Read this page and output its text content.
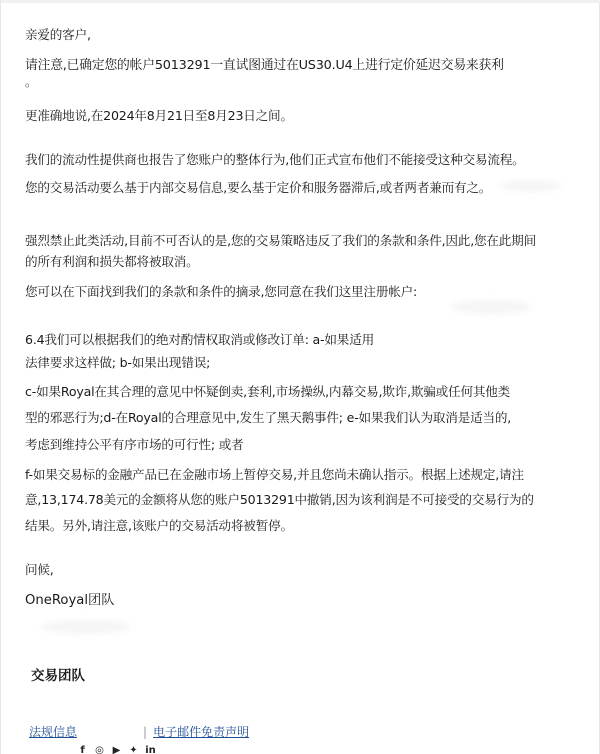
亲爱的客户,
请注意,已确定您的帐户5013291一直试图通过在US30.U4上进行定价延迟交易来获利
。
更准确地说,在2024年8月21日至8月23日之间。
我们的流动性提供商也报告了您账户的整体行为,他们正式宣布他们不能接受这种交易流程。
您的交易活动要么基于内部交易信息,要么基于定价和服务器滞后,或者两者兼而有之。
强烈禁止此类活动,目前不可否认的是,您的交易策略违反了我们的条款和条件,因此,您在此期间
的所有利润和损失都将被取消。
您可以在下面找到我们的条款和条件的摘录,您同意在我们这里注册帐户:
6.4我们可以根据我们的绝对酌情权取消或修改订单: a-如果适用
法律要求这样做; b-如果出现错误;
c-如果Royal在其合理的意见中怀疑倒卖,套利,市场操纵,内幕交易,欺诈,欺骗或任何其他类
型的邪恶行为;d-在Royal的合理意见中,发生了黑天鹅事件; e-如果我们认为取消是适当的,
考虑到维持公平有序市场的可行性; 或者
f-如果交易标的金融产品已在金融市场上暂停交易,并且您尚未确认指示。根据上述规定,请注
意,13,174.78美元的金额将从您的账户5013291中撤销,因为该利润是不可接受的交易行为的
结果。另外,请注意,该账户的交易活动将被暂停。
问候,
OneRoyal团队
交易团队
法规信息	| 电子邮件免责声明
f	◎ ▶ ✦ in
